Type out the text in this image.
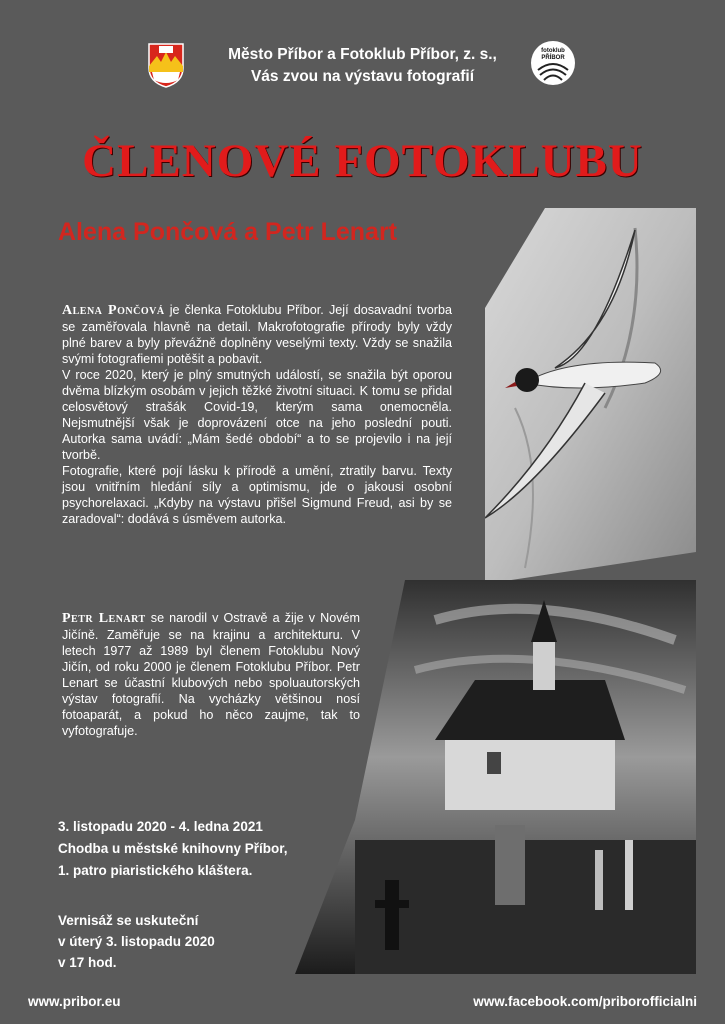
fotoklub
PŘÍBOR
Město Příbor a Fotoklub Příbor, z. s.,
Vás zvou na výstavu fotografií
ČLENOVÉ FOTOKLUBU
Alena Pončová a Petr Lenart

Alena Pončová je členka Fotoklubu Příbor. Její dosavadní tvorba se zaměřovala hlavně na detail. Makrofotografie přírody byly vždy plné barev a byly převážně doplněny veselými texty. Vždy se snažila svými fotografiemi potěšit a pobavit.

V roce 2020, který je plný smutných událostí, se snažila být oporou dvěma blízkým osobám v jejich těžké životní situaci. K tomu se přidal celosvětový strašák Covid-19, kterým sama onemocněla. Nejsmutnější však je doprovázení otce na jeho poslední pouti. Autorka sama uvádí: „Mám šedé období“ a to se projevilo i na její tvorbě.

Fotografie, které pojí lásku k přírodě a umění, ztratily barvu. Texty jsou vnitřním hledání síly a optimismu, jde o jakousi osobní psychorelaxaci. „Kdyby na výstavu přišel Sigmund Freud, asi by se zaradoval“: dodává s úsměvem autorka.

Petr Lenart se narodil v Ostravě a žije v Novém Jičíně. Zaměřuje se na krajinu a architekturu. V letech 1977 až 1989 byl členem Fotoklubu Nový Jičín, od roku 2000 je členem Fotoklubu Příbor. Petr Lenart se účastní klubových nebo spoluautorských výstav fotografií. Na vycházky většinou nosí fotoaparát, a pokud ho něco zaujme, tak to vyfotografuje.

3. listopadu 2020 - 4. ledna 2021
Chodba u městské knihovny Příbor,
1. patro piaristického kláštera.
Vernisáž se uskuteční
v úterý 3. listopadu 2020
v 17 hod.
www.pribor.eu	www.facebook.com/priborofficialni
